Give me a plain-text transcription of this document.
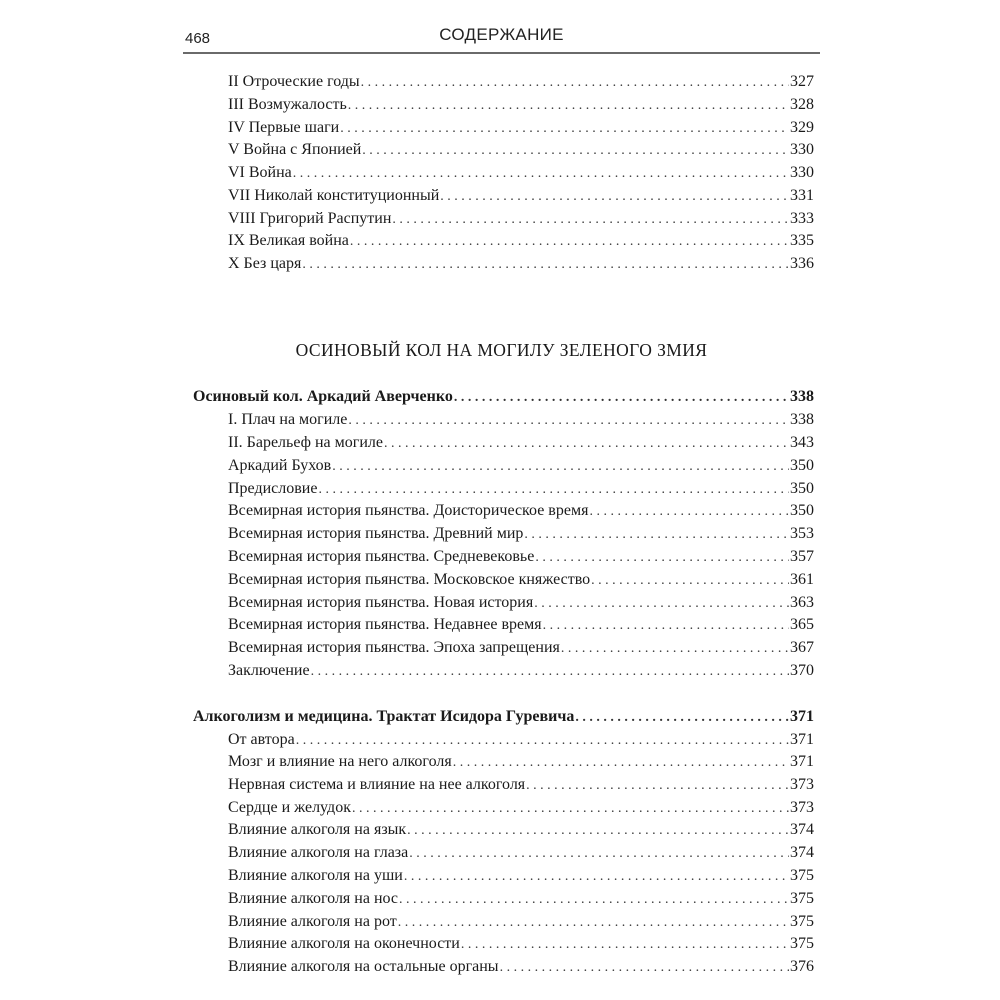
468	СОДЕРЖАНИЕ
II Отроческие годы . . .	327
III Возмужалость . . .	328
IV Первые шаги . . .	329
V Война с Японией . . .	330
VI Война . . .	330
VII Николай конституционный . . .	331
VIII Григорий Распутин . . .	333
IX Великая война . . .	335
X Без царя . . .	336
ОСИНОВЫЙ КОЛ НА МОГИЛУ ЗЕЛЕНОГО ЗМИЯ
Осиновый кол. Аркадий Аверченко . . .	338
I. Плач на могиле . . .	338
II. Барельеф на могиле . . .	343
Аркадий Бухов . . .	350
Предисловие . . .	350
Всемирная история пьянства. Доисторическое время . . .	350
Всемирная история пьянства. Древний мир . . .	353
Всемирная история пьянства. Средневековье . . .	357
Всемирная история пьянства. Московское княжество . . .	361
Всемирная история пьянства. Новая история . . .	363
Всемирная история пьянства. Недавнее время . . .	365
Всемирная история пьянства. Эпоха запрещения . . .	367
Заключение . . .	370
Алкоголизм и медицина. Трактат Исидора Гуревича . . .	371
От автора . . .	371
Мозг и влияние на него алкоголя . . .	371
Нервная система и влияние на нее алкоголя . . .	373
Сердце и желудок . . .	373
Влияние алкоголя на язык . . .	374
Влияние алкоголя на глаза . . .	374
Влияние алкоголя на уши . . .	375
Влияние алкоголя на нос . . .	375
Влияние алкоголя на рот . . .	375
Влияние алкоголя на оконечности . . .	375
Влияние алкоголя на остальные органы . . .	376
